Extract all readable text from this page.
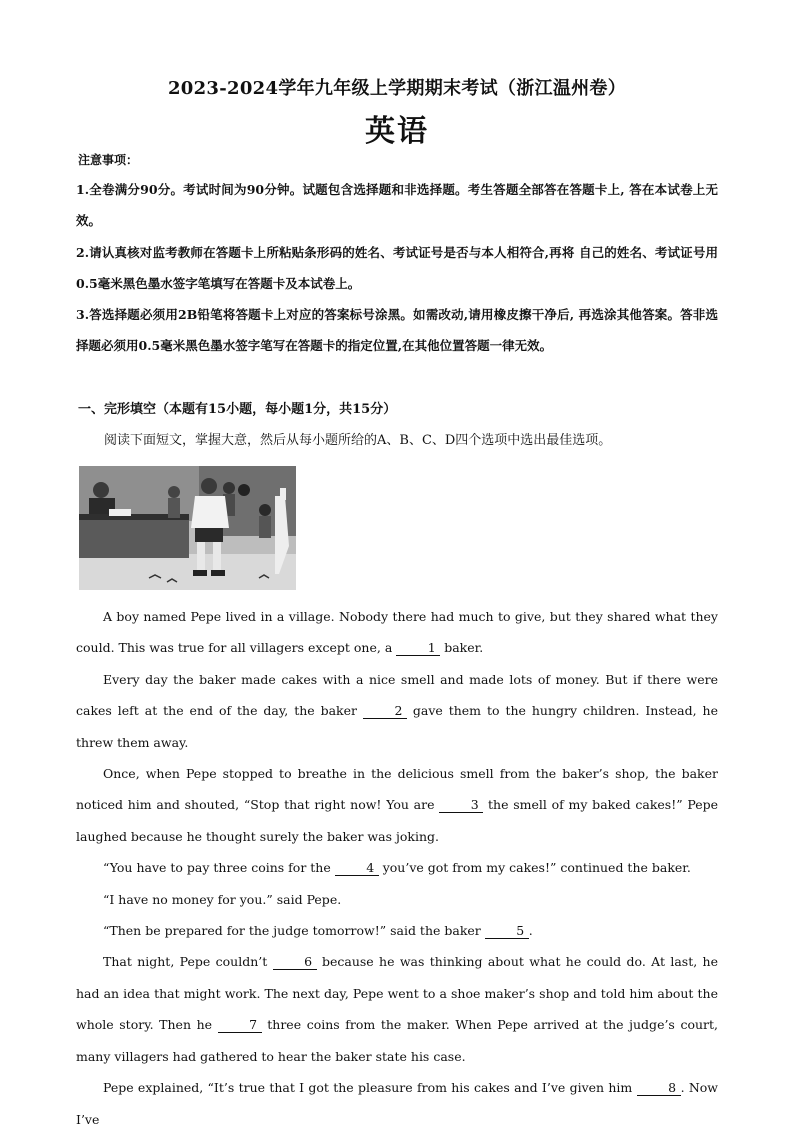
2023-2024学年九年级上学期期末考试（浙江温州卷）
英语
注意事项：
1.全卷满分90分。考试时间为90分钟。试题包含选择题和非选择题。考生答题全部答在答题卡上, 答在本试卷上无效。
2.请认真核对监考教师在答题卡上所粘贴条形码的姓名、考试证号是否与本人相符合,再将 自己的姓名、考试证号用0.5毫米黑色墨水签字笔填写在答题卡及本试卷上。
3.答选择题必须用2B铅笔将答题卡上对应的答案标号涂黑。如需改动,请用橡皮擦干净后, 再选涂其他答案。答非选择题必须用0.5毫米黑色墨水签字笔写在答题卡的指定位置,在其他位置答题一律无效。
一、完形填空（本题有15小题，每小题1分，共15分）
阅读下面短文，掌握大意，然后从每小题所给的A、B、C、D四个选项中选出最佳选项。

A boy named Pepe lived in a village. Nobody there had much to give, but they shared what they could. This was true for all villagers except one, a	1 baker.

Every day the baker made cakes with a nice smell and made lots of money. But if there were cakes left at the end of the day, the baker	2 gave them to the hungry children. Instead, he threw them away.

Once, when Pepe stopped to breathe in the delicious smell from the baker’s shop, the baker noticed him and shouted, “Stop that right now! You are	3 the smell of my baked cakes!” Pepe laughed because he thought surely the baker was joking.

“You have to pay three coins for the	4 you’ve got from my cakes!” continued the baker.

“I have no money for you.” said Pepe.

“Then be prepared for the judge tomorrow!” said the baker	5 .

That night, Pepe couldn’t	6 because he was thinking about what he could do. At last, he had an idea that might work. The next day, Pepe went to a shoe maker’s shop and told him about the whole story. Then he	7 three coins from the maker. When Pepe arrived at the judge’s court, many villagers had gathered to hear the baker state his case.

Pepe explained, “It’s true that I got the pleasure from his cakes and I’ve given him	8 . Now I’ve
